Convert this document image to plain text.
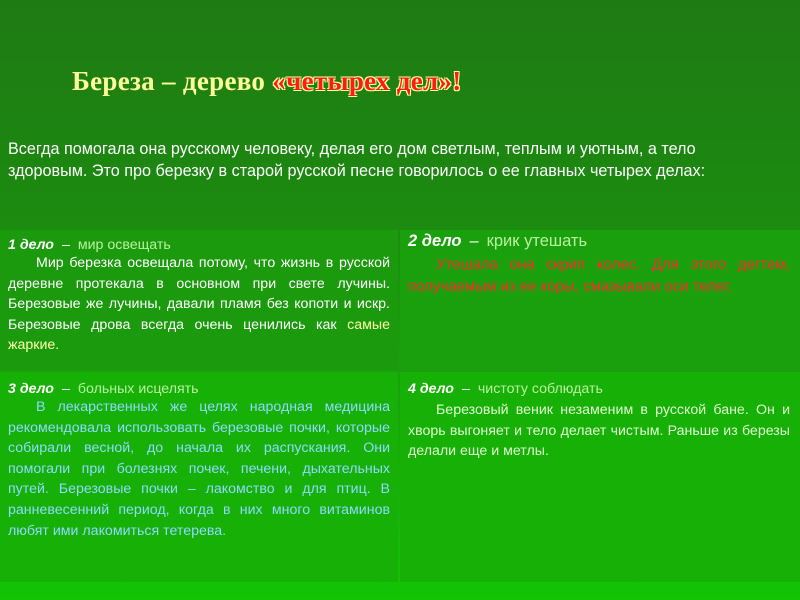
Береза – дерево «четырех дел»!
Всегда помогала она русскому человеку, делая его дом светлым, теплым и уютным, а тело здоровым. Это про березку в старой русской песне говорилось о ее главных четырех делах:

1 дело – мир освещать

Мир березка освещала потому, что жизнь в русской деревне протекала в основном при свете лучины. Березовые же лучины, давали пламя без копоти и искр. Березовые дрова всегда очень ценились как самые жаркие.

2 дело – крик утешать

Утешала она скрип колес. Для этого дегтем, получаемым из ее коры, смазывали оси телег.

3 дело – больных исцелять

В лекарственных же целях народная медицина рекомендовала использовать березовые почки, которые собирали весной, до начала их распускания. Они помогали при болезнях почек, печени, дыхательных путей. Березовые почки – лакомство и для птиц. В ранневесенний период, когда в них много витаминов любят ими лакомиться тетерева.

4 дело – чистоту соблюдать

Березовый веник незаменим в русской бане. Он и хворь выгоняет и тело делает чистым. Раньше из березы делали еще и метлы.
